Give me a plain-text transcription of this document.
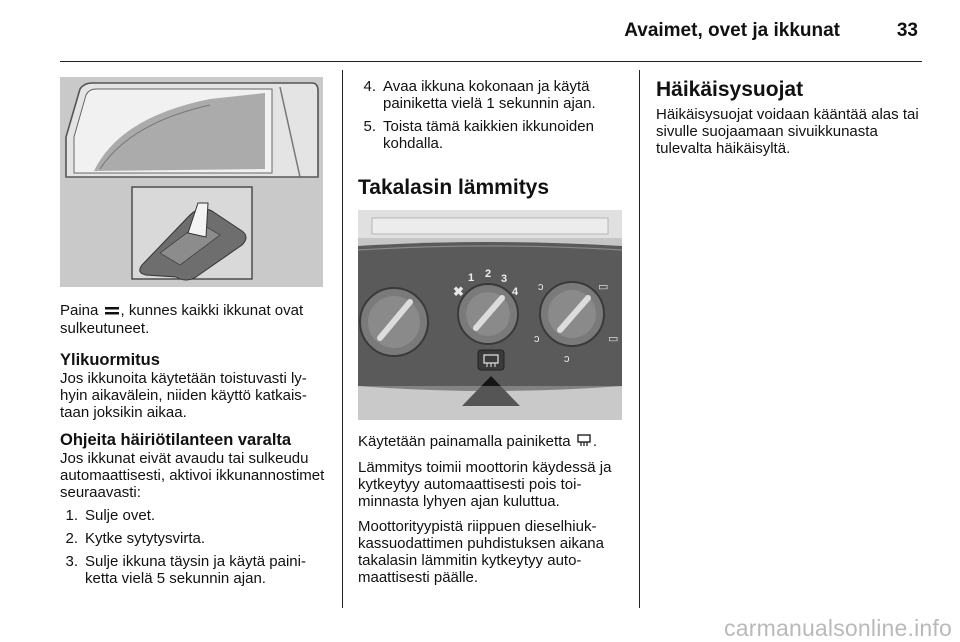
Avaimet, ovet ja ikkunat	33

Paina , kunnes kaikki ikkunat ovat sulkeutuneet.

Ylikuormitus

Jos ikkunoita käytetään toistuvasti lyhyin aikavälein, niiden käyttö katkaistaan joksikin aikaa.

Ohjeita häiriötilanteen varalta

Jos ikkunat eivät avaudu tai sulkeudu automaattisesti, aktivoi ikkunannostimet seuraavasti:

1. Sulje ovet.
2. Kytke sytytysvirta.
3. Sulje ikkuna täysin ja käytä painiketta vielä 5 sekunnin ajan.
4. Avaa ikkuna kokonaan ja käytä painiketta vielä 1 sekunnin ajan.
5. Toista tämä kaikkien ikkunoiden kohdalla.
Takalasin lämmitys
✖	ↄ	▭
▭
ↄ
ↄ
1 2 3
4

Käytetään painamalla painiketta .

Lämmitys toimii moottorin käydessä ja kytkeytyy automaattisesti pois toiminnasta lyhyen ajan kuluttua.

Moottorityypistä riippuen dieselhiukkassuodattimen puhdistuksen aikana takalasin lämmitin kytkeytyy automaattisesti päälle.

Häikäisysuojat

Häikäisysuojat voidaan kääntää alas tai sivulle suojaamaan sivuikkunasta tulevalta häikäisyltä.

carmanualsonline.info
